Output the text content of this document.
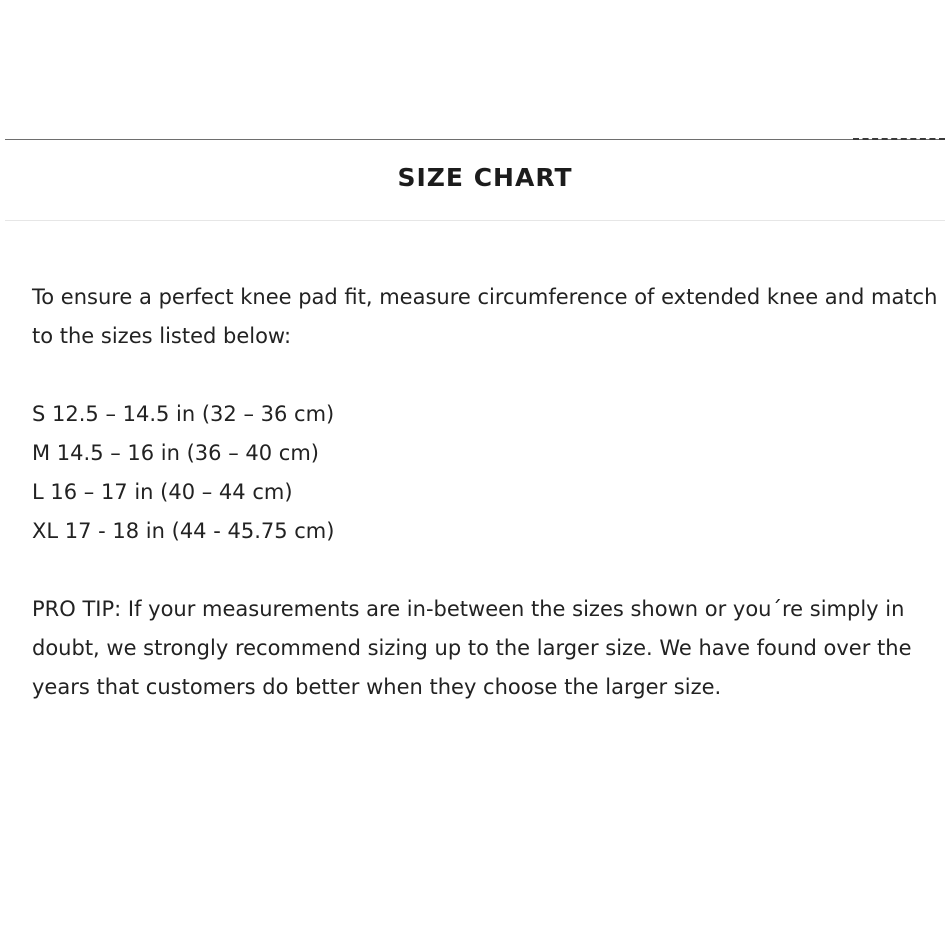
SIZE CHART

To ensure a perfect knee pad fit, measure circumference of extended knee and match to the sizes listed below:

S 12.5 – 14.5 in (32 – 36 cm)
M 14.5 – 16 in (36 – 40 cm)
L 16 – 17 in (40 – 44 cm)
XL 17 - 18 in (44 - 45.75 cm)

PRO TIP: If your measurements are in-between the sizes shown or you´re simply in doubt, we strongly recommend sizing up to the larger size. We have found over the years that customers do better when they choose the larger size.
